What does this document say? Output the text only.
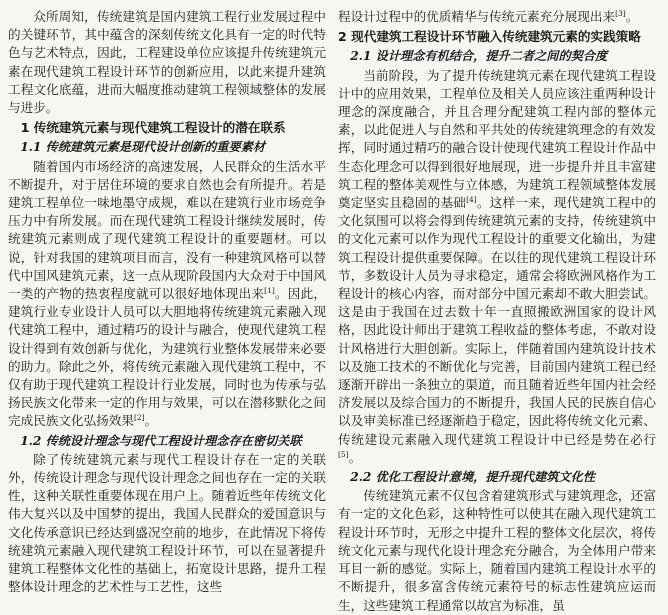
众所周知，传统建筑是国内建筑工程行业发展过程中的关键环节，其中蕴含的深刻传统文化具有一定的时代特色与艺术特点，因此，工程建设单位应该提升传统建筑元素在现代建筑工程设计环节的创新应用，以此来提升建筑工程文化底蕴，进而大幅度推动建筑工程领域整体的发展与进步。

1 传统建筑元素与现代建筑工程设计的潜在联系
1.1 传统建筑元素是现代设计创新的重要素材

随着国内市场经济的高速发展，人民群众的生活水平不断提升，对于居住环境的要求自然也会有所提升。若是建筑工程单位一味地墨守成规，难以在建筑行业市场竞争压力中有所发展。而在现代建筑工程设计继续发展时，传统建筑元素则成了现代建筑工程设计的重要题材。可以说，针对我国的建筑项目而言，没有一种建筑风格可以替代中国风建筑元素，这一点从现阶段国内大众对于中国风一类的产物的热衷程度就可以很好地体现出来[1]。因此，建筑行业专业设计人员可以大胆地将传统建筑元素融入现代建筑工程中，通过精巧的设计与融合，使现代建筑工程设计得到有效创新与优化，为建筑行业整体发展带来必要的助力。除此之外，将传统元素融入现代建筑工程中，不仅有助于现代建筑工程设计行业发展，同时也为传承与弘扬民族文化带来一定的作用与效果，可以在潜移默化之间完成民族文化弘扬效果[2]。

1.2 传统设计理念与现代工程设计理念存在密切关联

除了传统建筑元素与现代工程设计存在一定的关联外，传统设计理念与现代设计理念之间也存在一定的关联性，这种关联性重要体现在用户上。随着近些年传统文化伟大复兴以及中国梦的提出，我国人民群众的爱国意识与文化传承意识已经达到盛况空前的地步，在此情况下将传统建筑元素融入现代建筑工程设计环节，可以在显著提升建筑工程整体文化性的基础上，拓宽设计思路，提升工程整体设计理念的艺术性与工艺性，这些

程设计过程中的优质精华与传统元素充分展现出来[3]。

2 现代建筑工程设计环节融入传统建筑元素的实践策略
2.1 设计理念有机结合，提升二者之间的契合度

当前阶段，为了提升传统建筑元素在现代建筑工程设计中的应用效果，工程单位及相关人员应该注重两种设计理念的深度融合，并且合理分配建筑工程内部的整体元素，以此促进人与自然和平共处的传统建筑理念的有效发挥，同时通过精巧的融合设计使现代建筑工程设计作品中生态化理念可以得到很好地展现，进一步提升并且丰富建筑工程的整体美观性与立体感，为建筑工程领域整体发展奠定坚实且稳固的基础[4]。这样一来，现代建筑工程中的文化氛围可以将会得到传统建筑元素的支持，传统建筑中的文化元素可以作为现代工程设计的重要文化输出，为建筑工程设计提供重要保障。在以往的现代建筑工程设计环节，多数设计人员为寻求稳定，通常会将欧洲风格作为工程设计的核心内容，而对部分中国元素却不敢大胆尝试。这是由于我国在过去数十年一直照搬欧洲国家的设计风格，因此设计师出于建筑工程收益的整体考虑，不敢对设计风格进行大胆创新。实际上，伴随着国内建筑设计技术以及施工技术的不断优化与完善，目前国内建筑工程已经逐渐开辟出一条独立的渠道，而且随着近些年国内社会经济发展以及综合国力的不断提升，我国人民的民族自信心以及审美标准已经逐渐趋于稳定，因此将传统文化元素、传统建设元素融入现代建筑工程设计中已经是势在必行[5]。

2.2 优化工程设计意境，提升现代建筑文化性

传统建筑元素不仅包含着建筑形式与建筑理念，还富有一定的文化色彩，这种特性可以使其在融入现代建筑工程设计环节时，无形之中提升工程的整体文化层次，将传统文化元素与现代化设计理念充分融合，为全体用户带来耳目一新的感觉。实际上，随着国内建筑工程设计水平的不断提升，很多富含传统元素符号的标志性建筑应运而生，这些建筑工程通常以故宫为标准，虽
